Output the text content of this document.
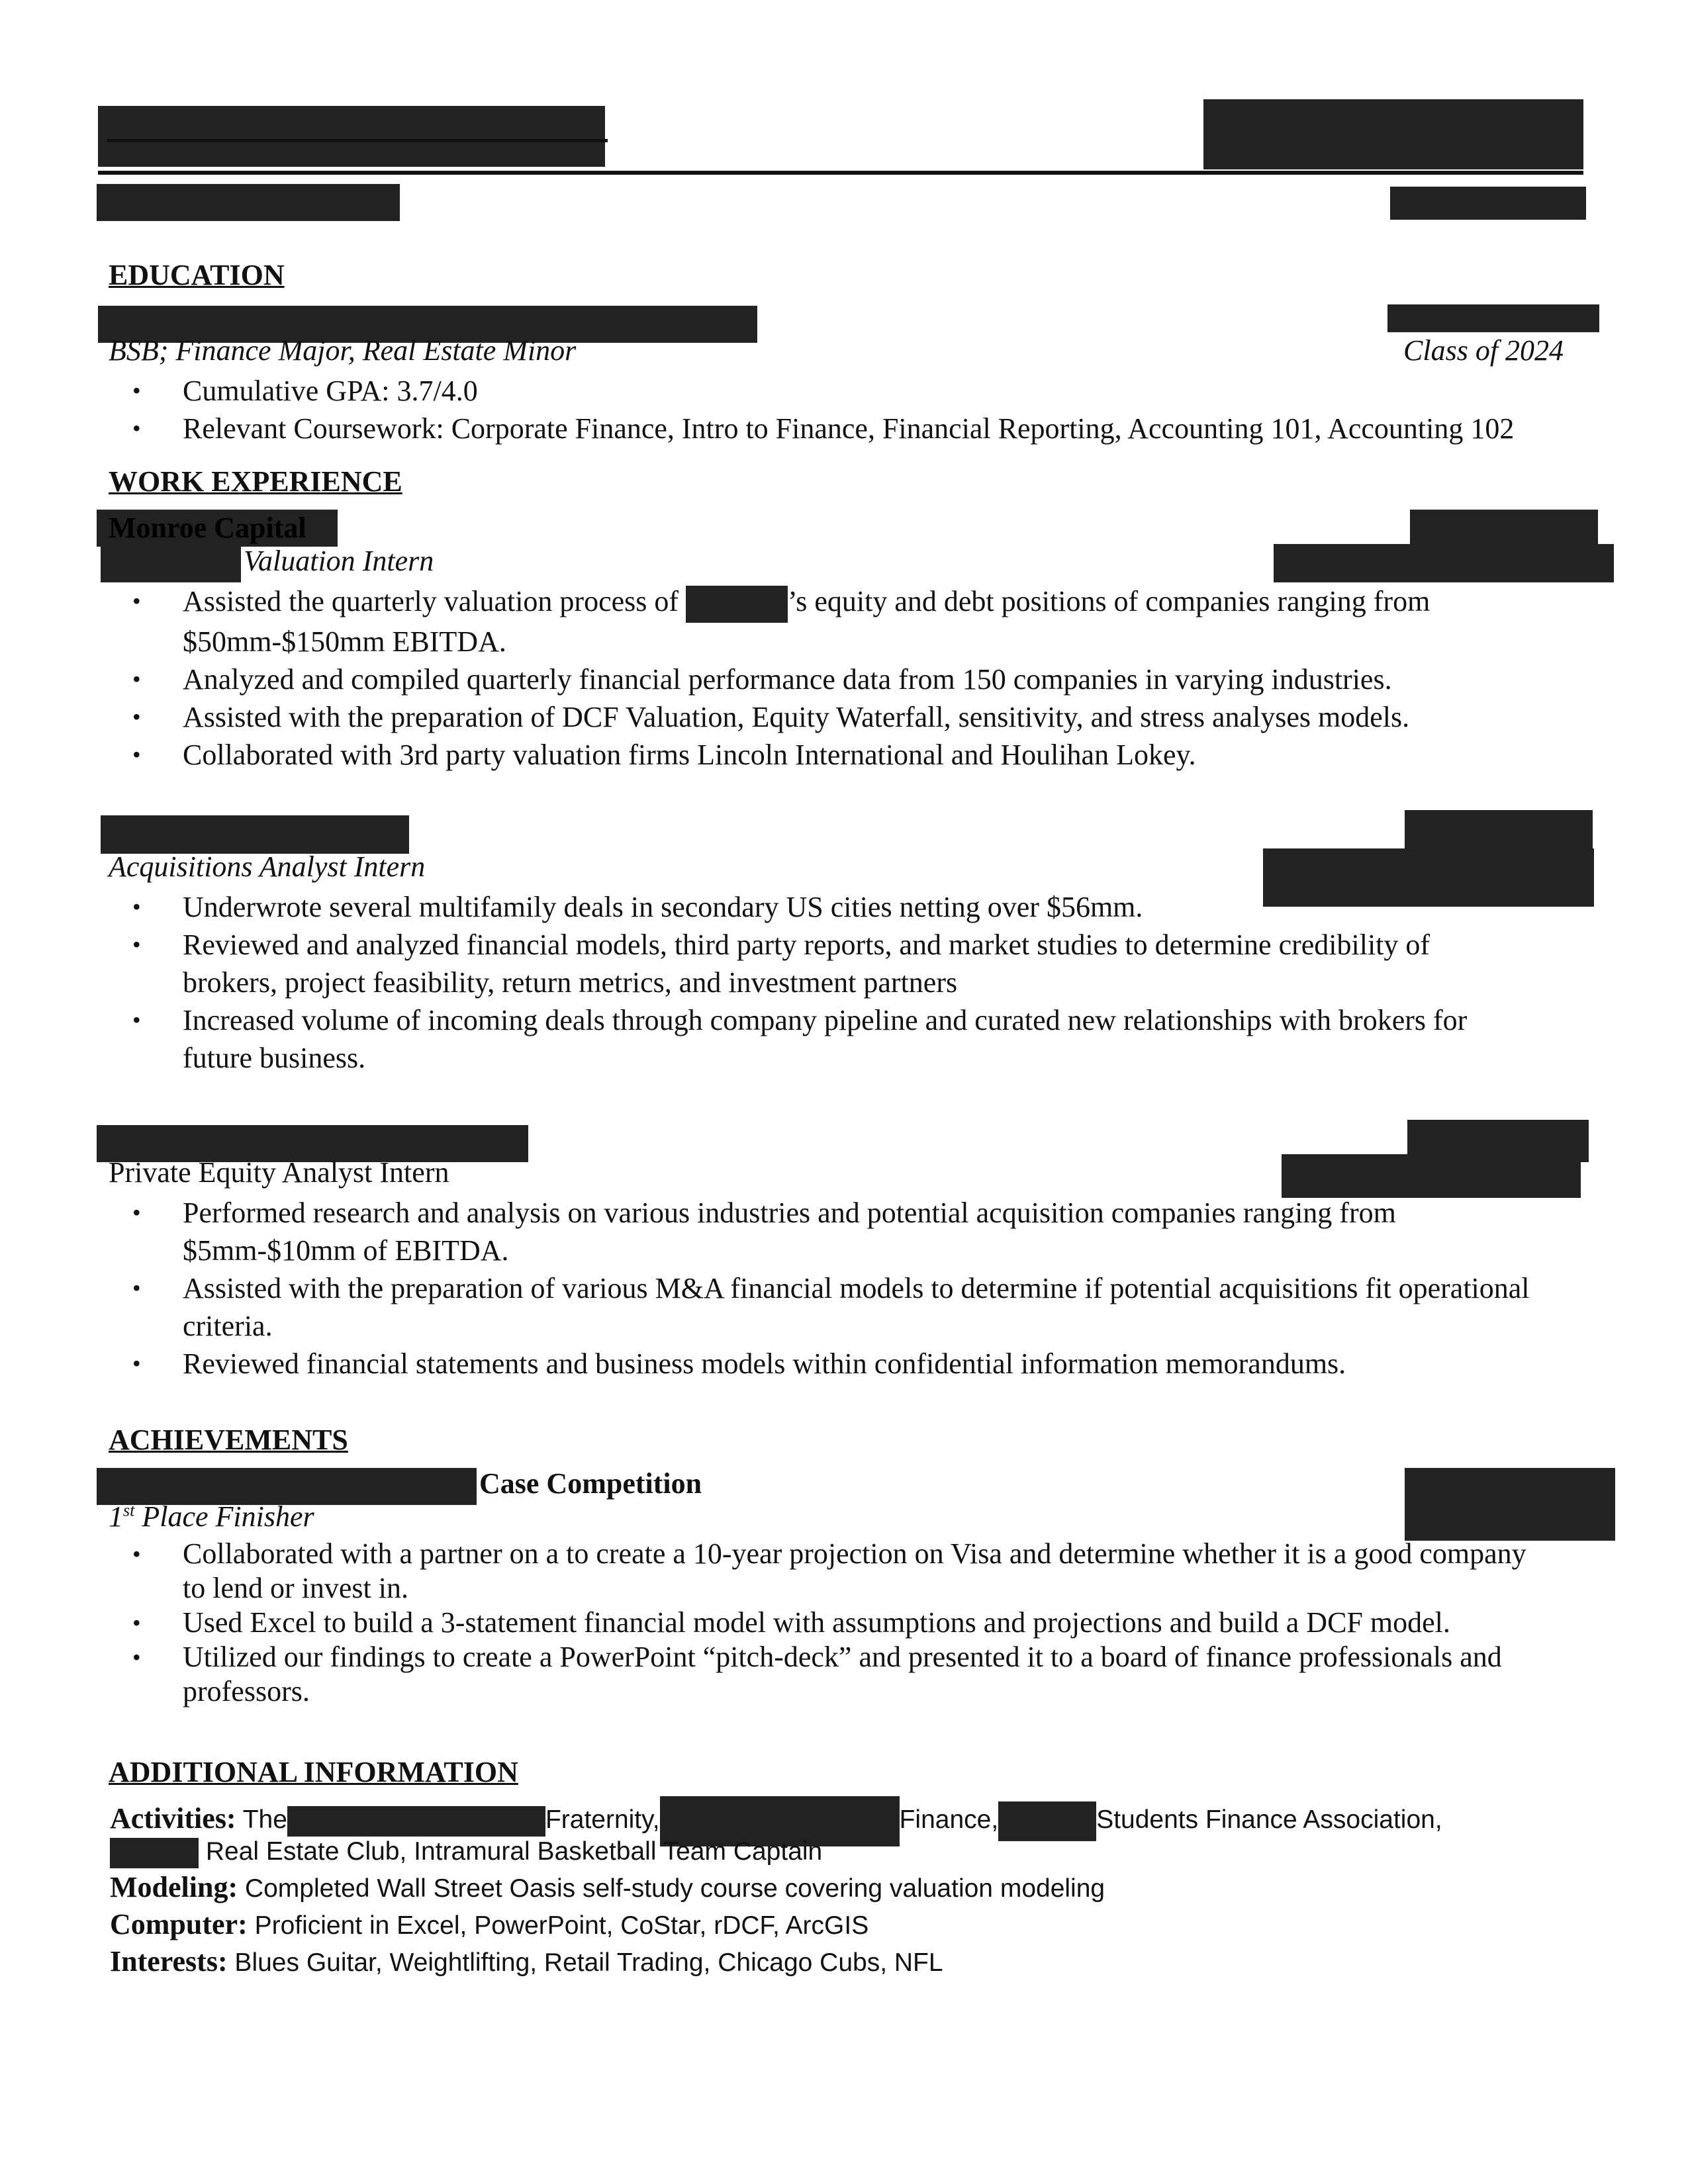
EDUCATION
BSB; Finance Major, Real Estate Minor	Class of 2024
• Cumulative GPA: 3.7/4.0
• Relevant Coursework: Corporate Finance, Intro to Finance, Financial Reporting, Accounting 101, Accounting 102
WORK EXPERIENCE
Monroe Capital
Valuation Intern
• Assisted the quarterly valuation process of	’s equity and debt positions of companies ranging from
$50mm-$150mm EBITDA.
• Analyzed and compiled quarterly financial performance data from 150 companies in varying industries.
• Assisted with the preparation of DCF Valuation, Equity Waterfall, sensitivity, and stress analyses models.
• Collaborated with 3rd party valuation firms Lincoln International and Houlihan Lokey.
Acquisitions Analyst Intern
• Underwrote several multifamily deals in secondary US cities netting over $56mm.
• Reviewed and analyzed financial models, third party reports, and market studies to determine credibility of brokers, project feasibility, return metrics, and investment partners
• Increased volume of incoming deals through company pipeline and curated new relationships with brokers for future business.
Private Equity Analyst Intern
• Performed research and analysis on various industries and potential acquisition companies ranging from $5mm-$10mm of EBITDA.
• Assisted with the preparation of various M&A financial models to determine if potential acquisitions fit operational criteria.
• Reviewed financial statements and business models within confidential information memorandums.
ACHIEVEMENTS
Case Competition
1st Place Finisher
• Collaborated with a partner on a to create a 10-year projection on Visa and determine whether it is a good company to lend or invest in.
• Used Excel to build a 3-statement financial model with assumptions and projections and build a DCF model.
• Utilized our findings to create a PowerPoint “pitch-deck” and presented it to a board of finance professionals and professors.
ADDITIONAL INFORMATION
Activities: The	Fraternity,	Finance,	Students Finance Association,
Real Estate Club, Intramural Basketball Team Captain
Modeling: Completed Wall Street Oasis self-study course covering valuation modeling
Computer: Proficient in Excel, PowerPoint, CoStar, rDCF, ArcGIS
Interests: Blues Guitar, Weightlifting, Retail Trading, Chicago Cubs, NFL
